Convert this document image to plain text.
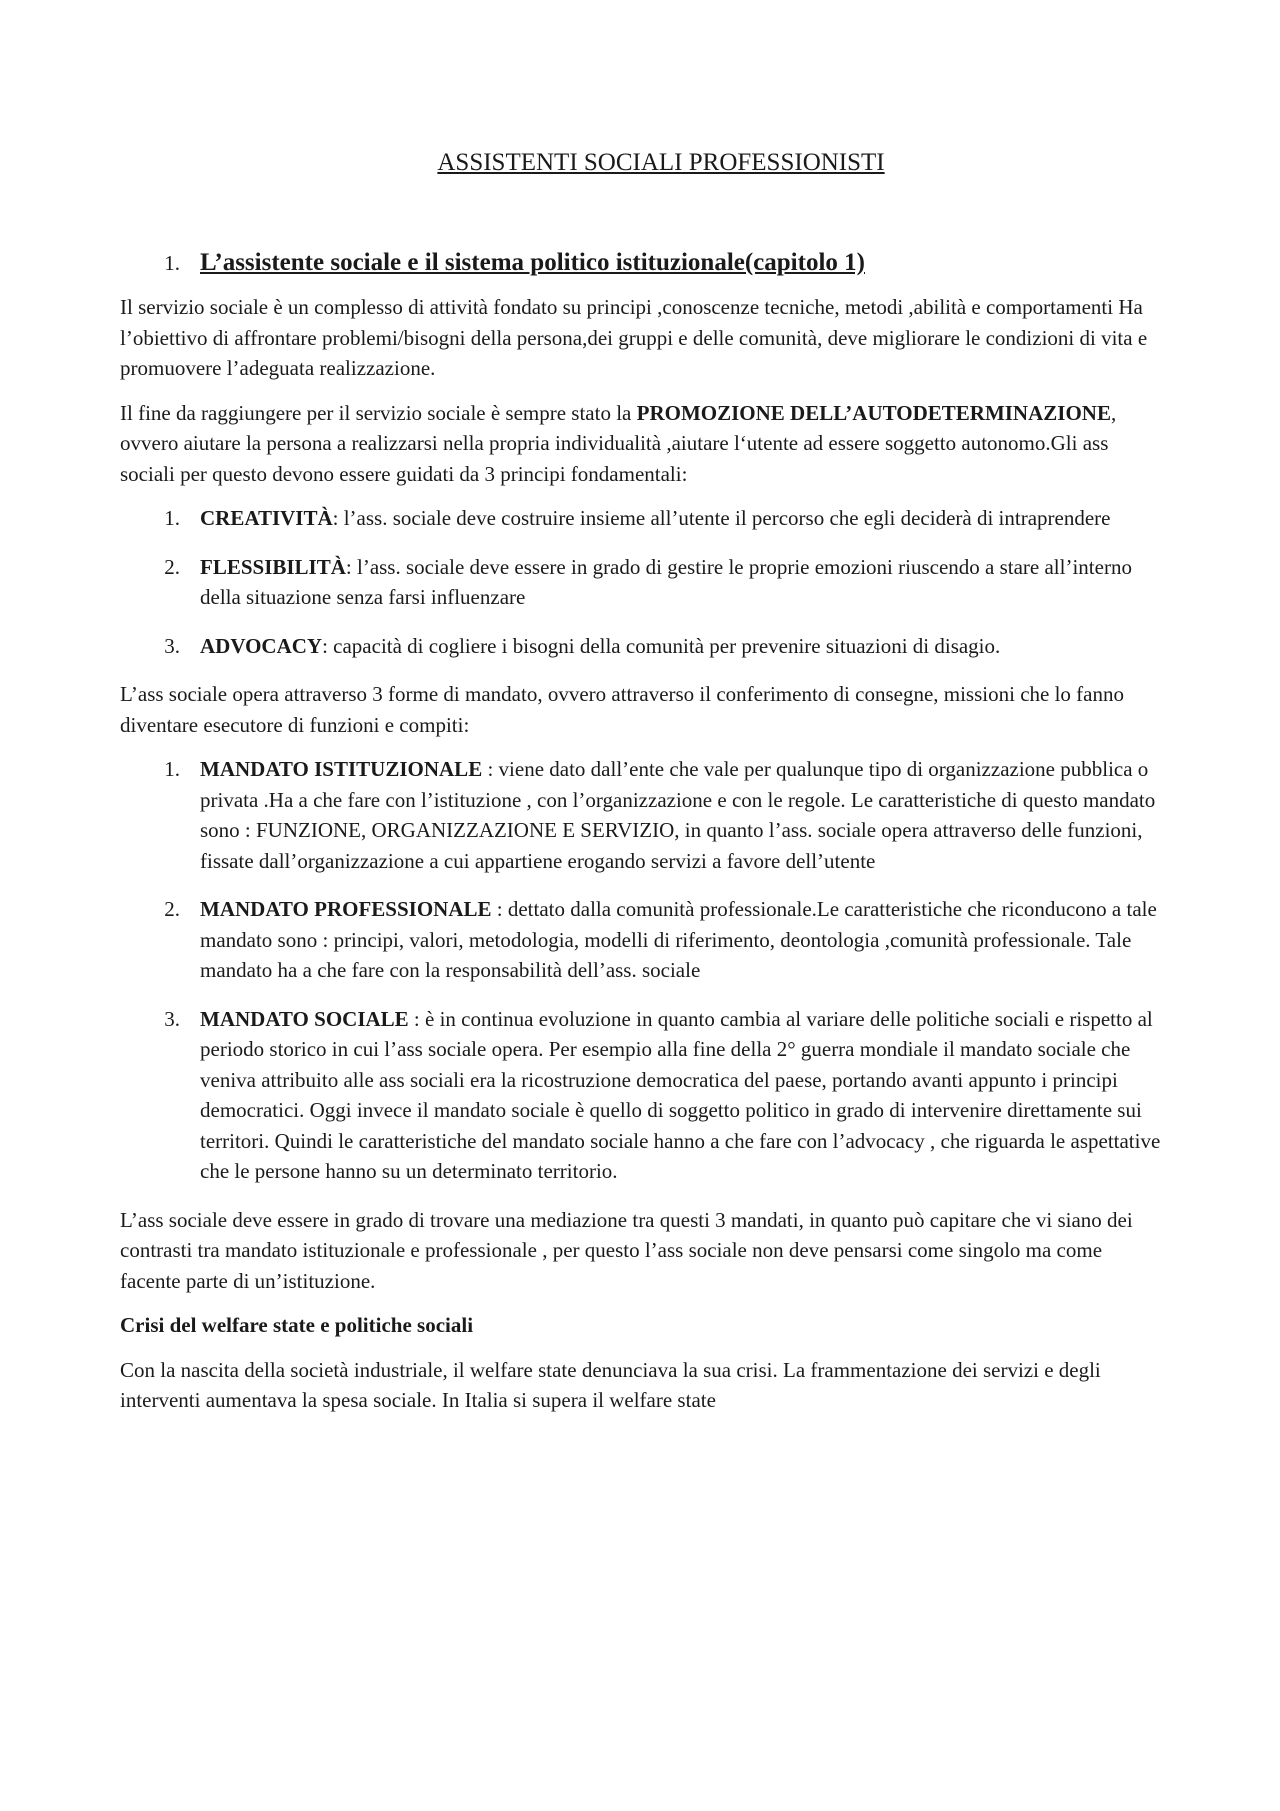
ASSISTENTI SOCIALI PROFESSIONISTI
1. L’assistente sociale e il sistema politico istituzionale(capitolo 1)

Il servizio sociale è un complesso di attività fondato su principi ,conoscenze tecniche, metodi ,abilità e comportamenti Ha l’obiettivo di affrontare problemi/bisogni della persona,dei gruppi e delle comunità, deve migliorare le condizioni di vita e promuovere l’adeguata realizzazione.

Il fine da raggiungere per il servizio sociale è sempre stato la PROMOZIONE DELL’AUTODETERMINAZIONE, ovvero aiutare la persona a realizzarsi nella propria individualità ,aiutare l‘utente ad essere soggetto autonomo.Gli ass sociali per questo devono essere guidati da 3 principi fondamentali:

1. CREATIVITÀ: l’ass. sociale deve costruire insieme all’utente il percorso che egli deciderà di intraprendere
2. FLESSIBILITÀ: l’ass. sociale deve essere in grado di gestire le proprie emozioni riuscendo a stare all’interno della situazione senza farsi influenzare
3. ADVOCACY: capacità di cogliere i bisogni della comunità per prevenire situazioni di disagio.

L’ass sociale opera attraverso 3 forme di mandato, ovvero attraverso il conferimento di consegne, missioni che lo fanno diventare esecutore di funzioni e compiti:

1. MANDATO ISTITUZIONALE : viene dato dall’ente che vale per qualunque tipo di organizzazione pubblica o privata .Ha a che fare con l’istituzione , con l’organizzazione e con le regole. Le caratteristiche di questo mandato sono : FUNZIONE, ORGANIZZAZIONE E SERVIZIO, in quanto l’ass. sociale opera attraverso delle funzioni, fissate dall’organizzazione a cui appartiene erogando servizi a favore dell’utente
2. MANDATO PROFESSIONALE : dettato dalla comunità professionale.Le caratteristiche che riconducono a tale mandato sono : principi, valori, metodologia, modelli di riferimento, deontologia ,comunità professionale. Tale mandato ha a che fare con la responsabilità dell’ass. sociale
3. MANDATO SOCIALE : è in continua evoluzione in quanto cambia al variare delle politiche sociali e rispetto al periodo storico in cui l’ass sociale opera. Per esempio alla fine della 2° guerra mondiale il mandato sociale che veniva attribuito alle ass sociali era la ricostruzione democratica del paese, portando avanti appunto i principi democratici. Oggi invece il mandato sociale è quello di soggetto politico in grado di intervenire direttamente sui territori. Quindi le caratteristiche del mandato sociale hanno a che fare con l’advocacy , che riguarda le aspettative che le persone hanno su un determinato territorio.

L’ass sociale deve essere in grado di trovare una mediazione tra questi 3 mandati, in quanto può capitare che vi siano dei contrasti tra mandato istituzionale e professionale , per questo l’ass sociale non deve pensarsi come singolo ma come facente parte di un’istituzione.

Crisi del welfare state e politiche sociali

Con la nascita della società industriale, il welfare state denunciava la sua crisi. La frammentazione dei servizi e degli interventi aumentava la spesa sociale. In Italia si supera il welfare state
